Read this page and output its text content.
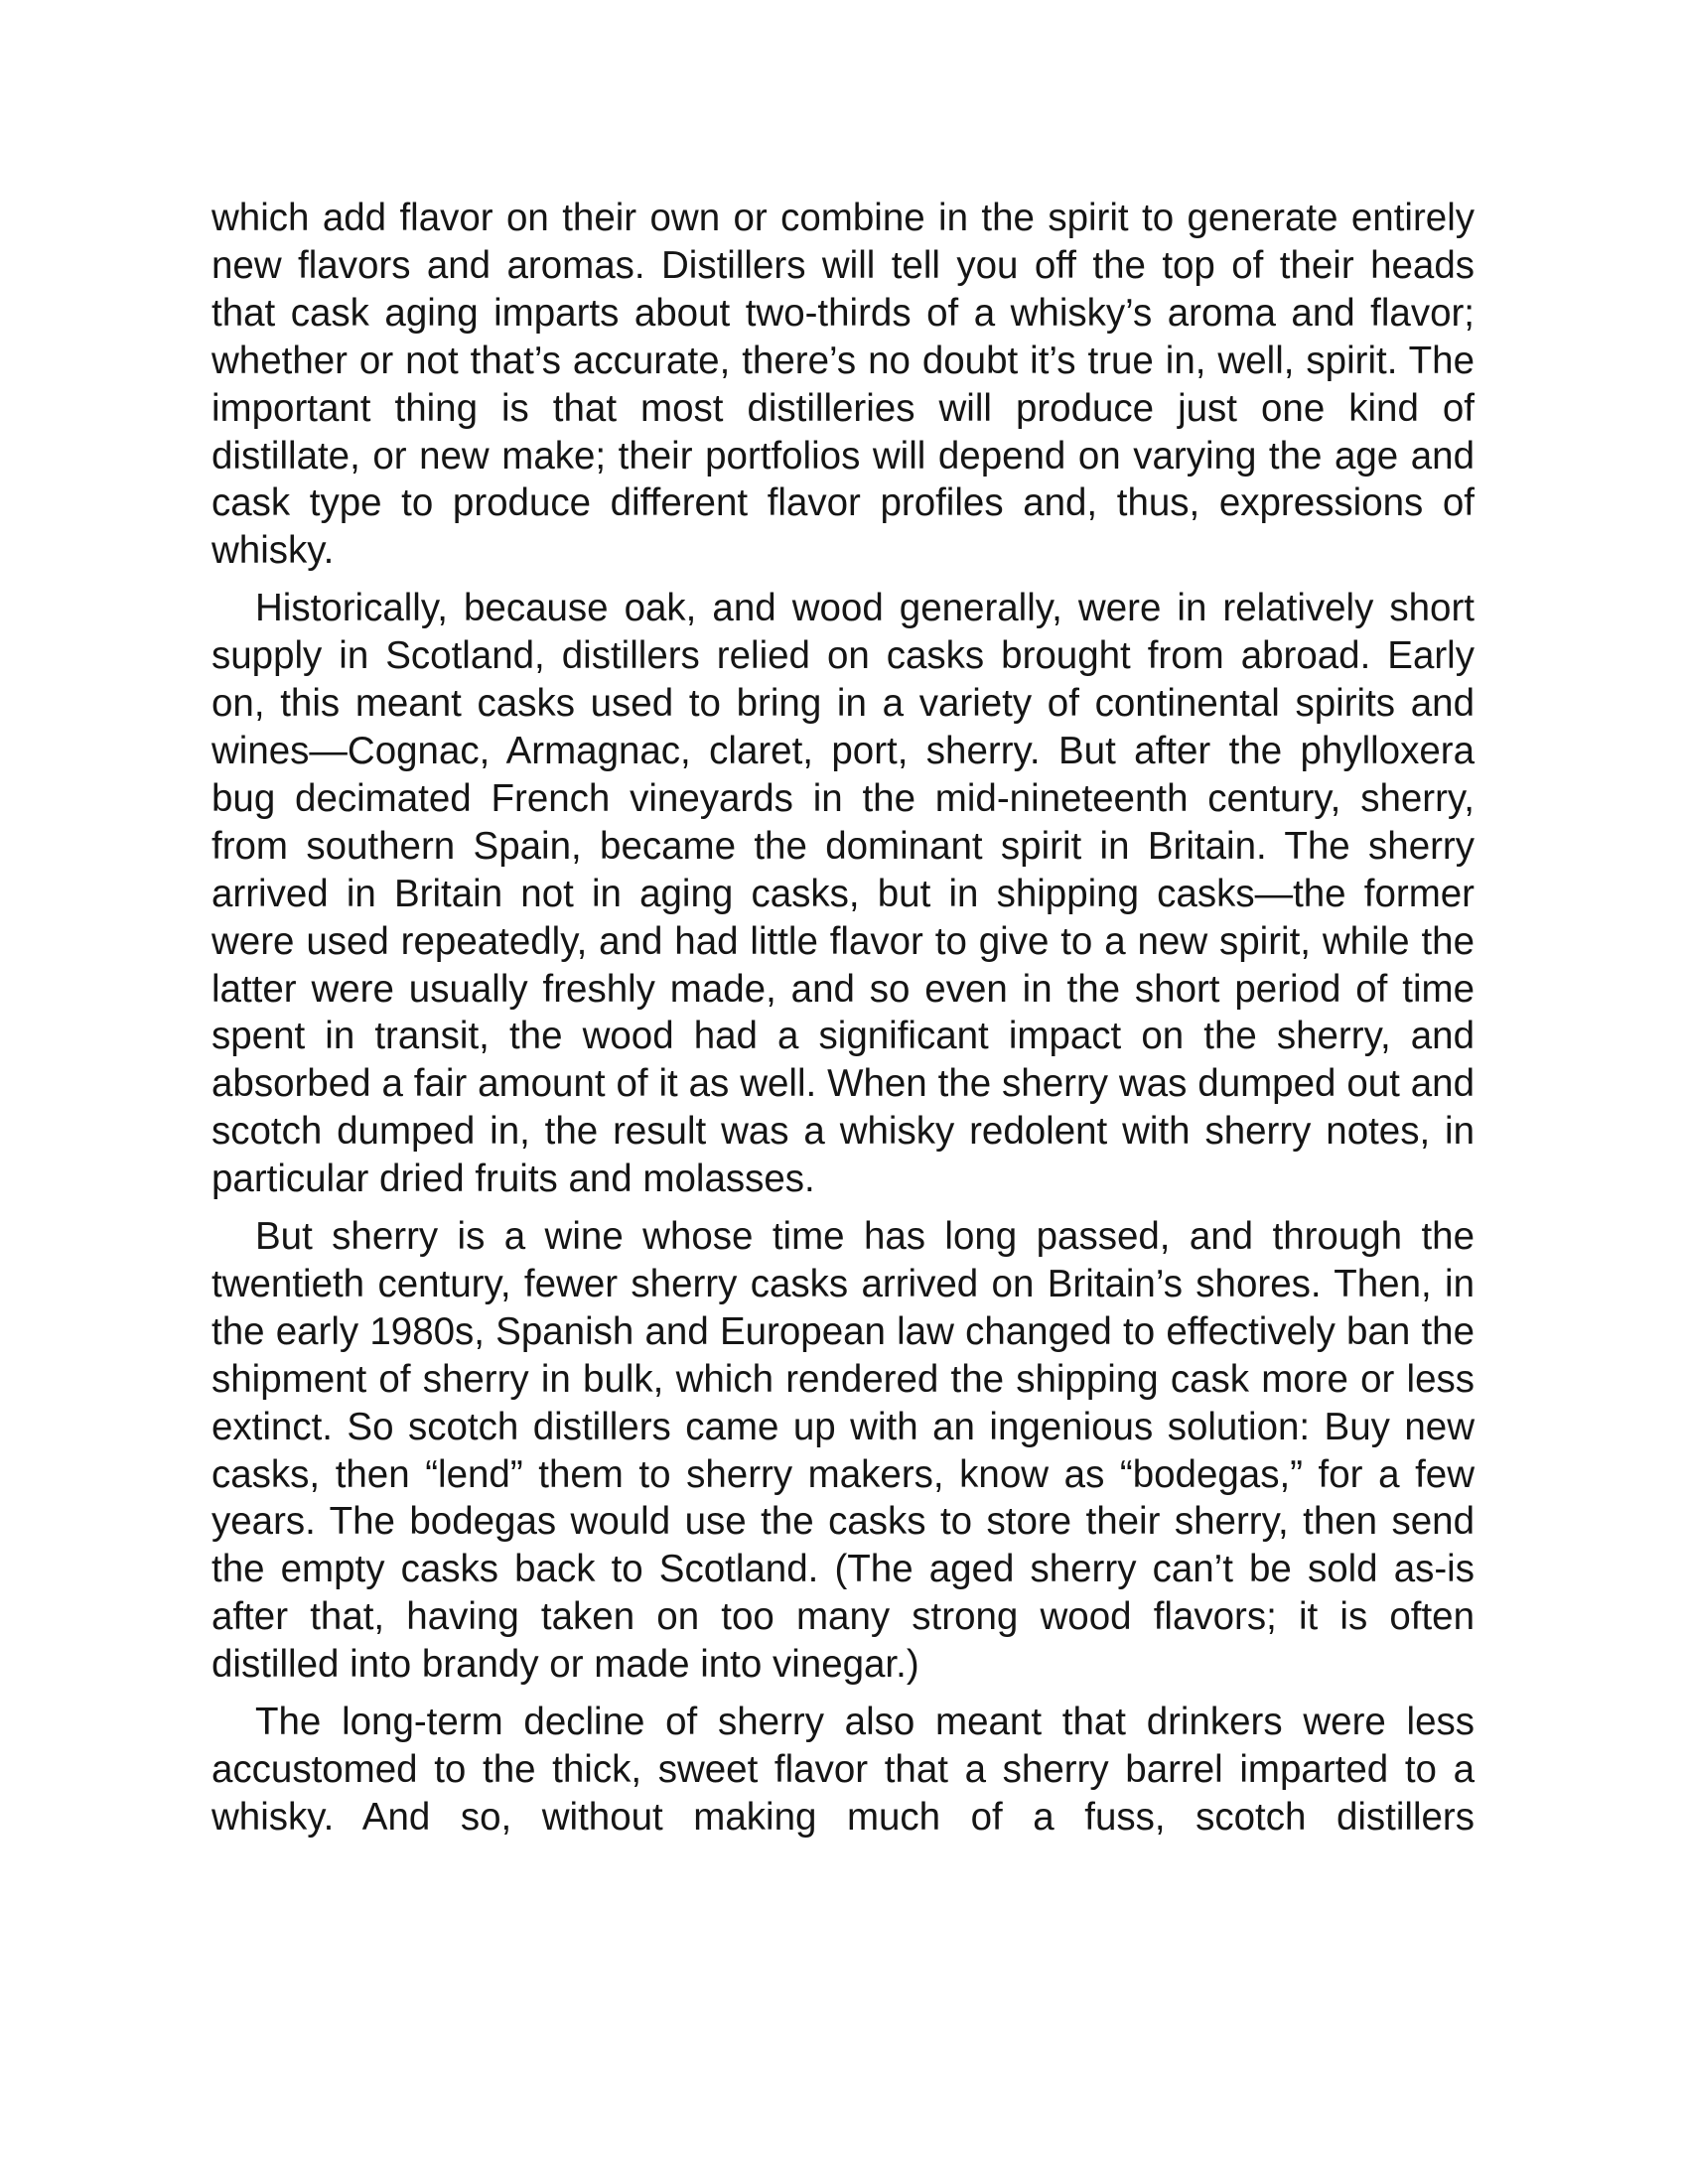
which add flavor on their own or combine in the spirit to generate entirely new flavors and aromas. Distillers will tell you off the top of their heads that cask aging imparts about two-thirds of a whisky’s aroma and flavor; whether or not that’s accurate, there’s no doubt it’s true in, well, spirit. The important thing is that most distilleries will produce just one kind of distillate, or new make; their portfolios will depend on varying the age and cask type to produce different flavor profiles and, thus, expressions of whisky.

Historically, because oak, and wood generally, were in relatively short supply in Scotland, distillers relied on casks brought from abroad. Early on, this meant casks used to bring in a variety of continental spirits and wines—Cognac, Armagnac, claret, port, sherry. But after the phylloxera bug decimated French vineyards in the mid-nineteenth century, sherry, from southern Spain, became the dominant spirit in Britain. The sherry arrived in Britain not in aging casks, but in shipping casks—the former were used repeatedly, and had little flavor to give to a new spirit, while the latter were usually freshly made, and so even in the short period of time spent in transit, the wood had a significant impact on the sherry, and absorbed a fair amount of it as well. When the sherry was dumped out and scotch dumped in, the result was a whisky redolent with sherry notes, in particular dried fruits and molasses.

But sherry is a wine whose time has long passed, and through the twentieth century, fewer sherry casks arrived on Britain’s shores. Then, in the early 1980s, Spanish and European law changed to effectively ban the shipment of sherry in bulk, which rendered the shipping cask more or less extinct. So scotch distillers came up with an ingenious solution: Buy new casks, then “lend” them to sherry makers, know as “bodegas,” for a few years. The bodegas would use the casks to store their sherry, then send the empty casks back to Scotland. (The aged sherry can’t be sold as-is after that, having taken on too many strong wood flavors; it is often distilled into brandy or made into vinegar.)

The long-term decline of sherry also meant that drinkers were less accustomed to the thick, sweet flavor that a sherry barrel imparted to a whisky. And so, without making much of a fuss, scotch distillers
